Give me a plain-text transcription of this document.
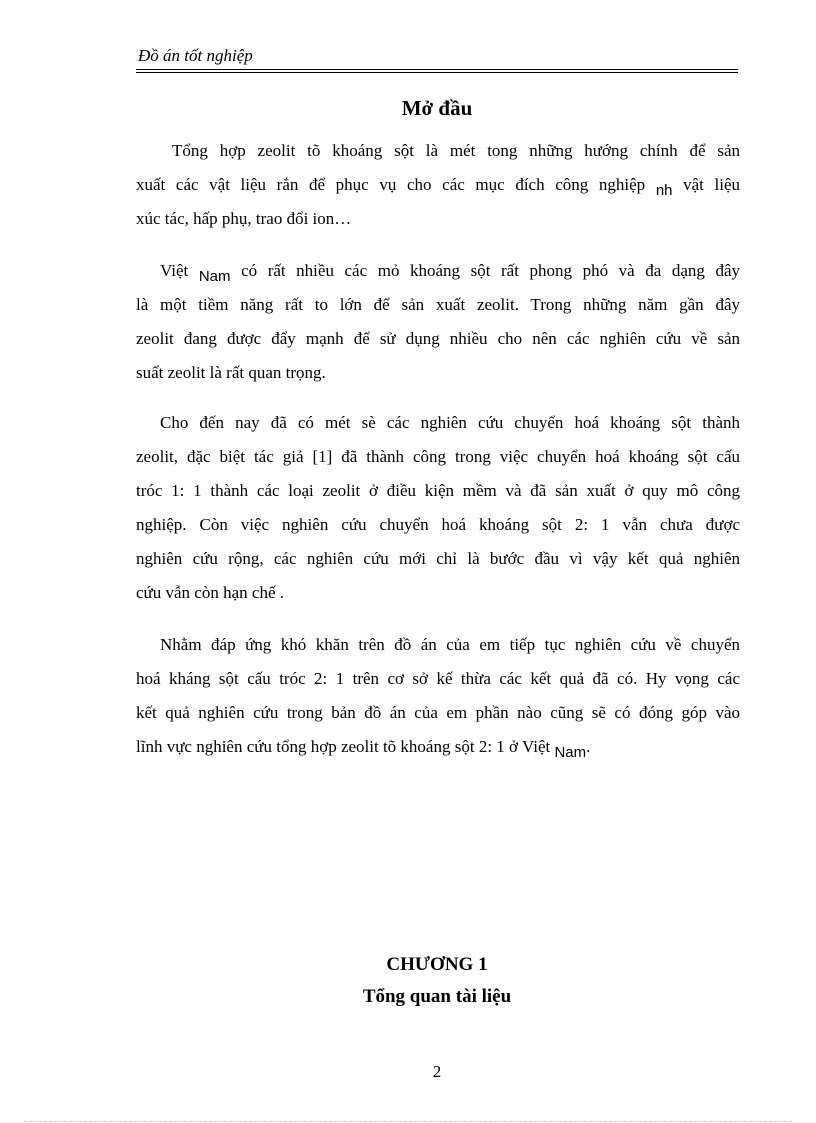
Đồ án tốt nghiệp
Mở đầu
Tổng hợp zeolit tõ khoáng sột là mét tong những hướng chính để sản
xuất các vật liệu rắn để phục vụ cho các mục đích công nghiệp nh vật liệu
xúc tác, hấp phụ, trao đổi ion…
Việt Nam có rất nhiều các mỏ khoáng sột rất phong phó và đa dạng đây
là một tiềm năng rất to lớn để sản xuất zeolit. Trong những năm gần đây
zeolit đang được đẩy mạnh để sử dụng nhiều cho nên các nghiên cứu về sản
suất zeolit là rất quan trọng.
Cho đến nay đã có mét sè các nghiên cứu chuyển hoá khoáng sột thành
zeolit, đặc biệt tác giả [1] đã thành công trong việc chuyển hoá khoáng sột cấu
tróc 1: 1 thành các loại zeolit ở điều kiện mềm và đã sản xuất ở quy mô công
nghiệp. Còn việc nghiên cứu chuyển hoá khoáng sột 2: 1 vẫn chưa được
nghiên cứu rộng, các nghiên cứu mới chỉ là bước đầu vì vậy kết quả nghiên
cứu vẫn còn hạn chế .
Nhằm đáp ứng khó khăn trên đồ án của em tiếp tục nghiên cứu về chuyển
hoá kháng sột cấu tróc 2: 1 trên cơ sở kế thừa các kết quả đã có. Hy vọng các
kết quả nghiên cứu trong bản đồ án của em phần nào cũng sẽ có đóng góp vào
lĩnh vực nghiên cứu tổng hợp zeolit tõ khoáng sột 2: 1 ở Việt Nam.
CHƯƠNG 1
Tổng quan tài liệu
2
